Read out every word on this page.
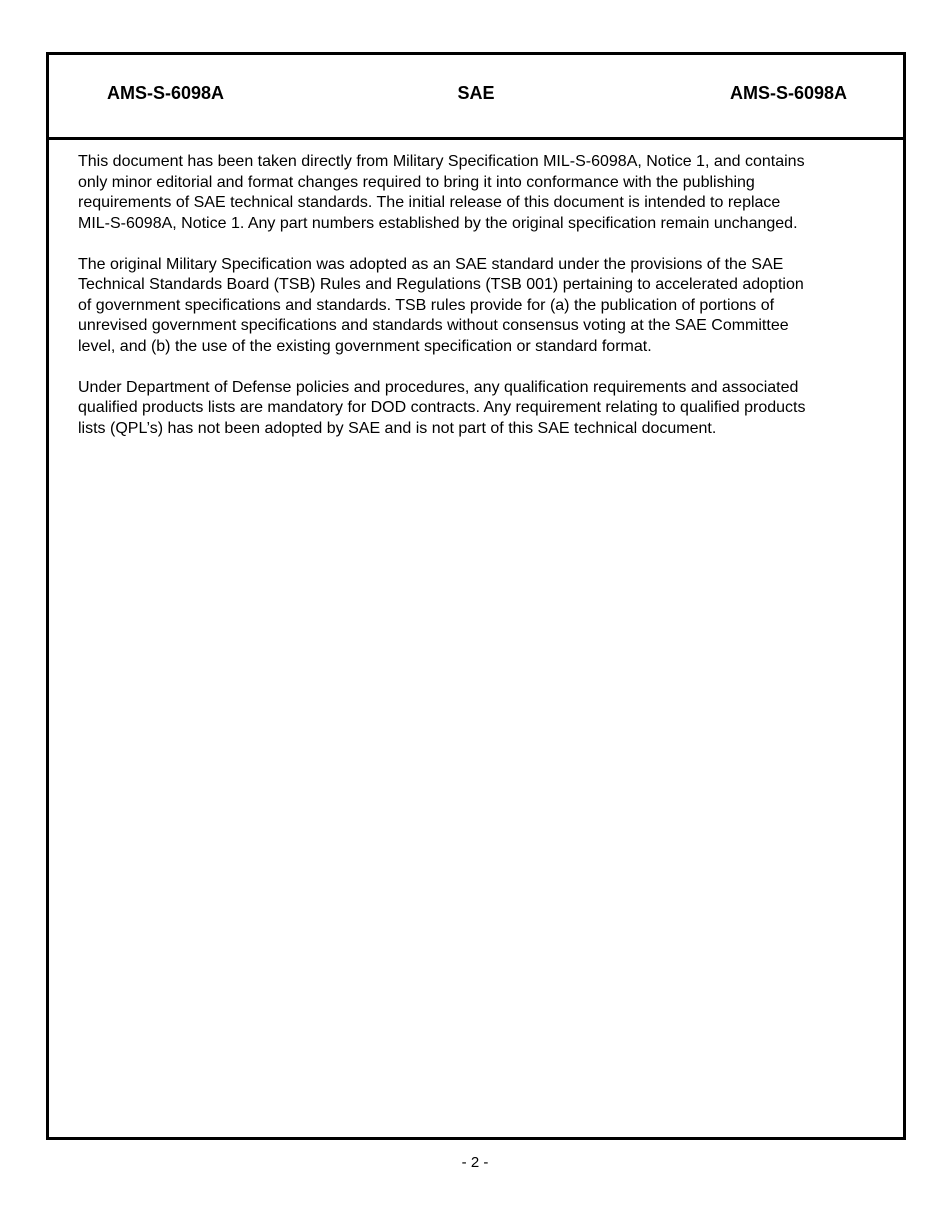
AMS-S-6098A	SAE	AMS-S-6098A

This document has been taken directly from Military Specification MIL-S-6098A, Notice 1, and contains
only minor editorial and format changes required to bring it into conformance with the publishing
requirements of SAE technical standards. The initial release of this document is intended to replace
MIL-S-6098A, Notice 1. Any part numbers established by the original specification remain unchanged.

The original Military Specification was adopted as an SAE standard under the provisions of the SAE
Technical Standards Board (TSB) Rules and Regulations (TSB 001) pertaining to accelerated adoption
of government specifications and standards. TSB rules provide for (a) the publication of portions of
unrevised government specifications and standards without consensus voting at the SAE Committee
level, and (b) the use of the existing government specification or standard format.

Under Department of Defense policies and procedures, any qualification requirements and associated
qualified products lists are mandatory for DOD contracts. Any requirement relating to qualified products
lists (QPL’s) has not been adopted by SAE and is not part of this SAE technical document.

- 2 -
